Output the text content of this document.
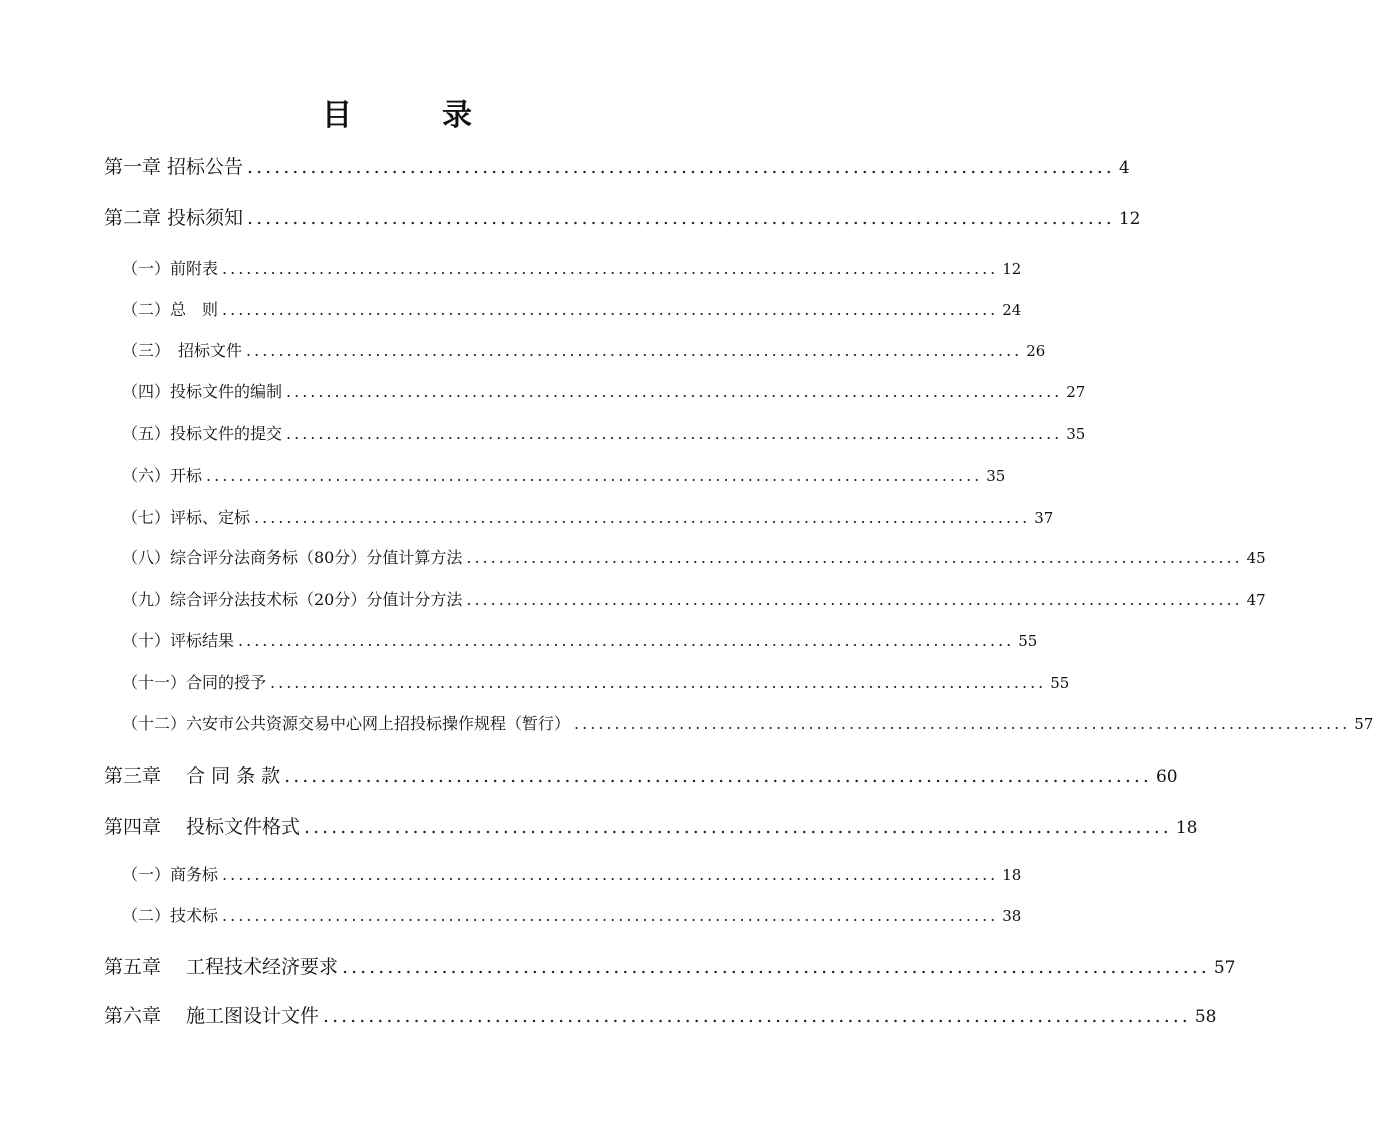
目　录
第一章 招标公告 ................................................................................................ 4
第二章 投标须知 ................................................................................................ 12
（一）前附表 ................................................................................................ 12
（二）总　则 ................................................................................................ 24
（三）　招标文件 ................................................................................................ 26
（四）投标文件的编制 ................................................................................................ 27
（五）投标文件的提交 ................................................................................................ 35
（六）开标 ................................................................................................ 35
（七）评标、定标 ................................................................................................ 37
（八）综合评分法商务标（80分）分值计算方法 ................................................................................................ 45
（九）综合评分法技术标（20分）分值计分方法 ................................................................................................ 47
（十）评标结果 ................................................................................................ 55
（十一）合同的授予 ................................................................................................ 55
（十二）六安市公共资源交易中心网上招投标操作规程（暂行） ................................................................................................ 57
第三章　 合 同 条 款 ................................................................................................ 60
第四章　 投标文件格式 ................................................................................................ 18
（一）商务标 ................................................................................................ 18
（二）技术标 ................................................................................................ 38
第五章　 工程技术经济要求 ................................................................................................ 57
第六章　 施工图设计文件 ................................................................................................ 58
